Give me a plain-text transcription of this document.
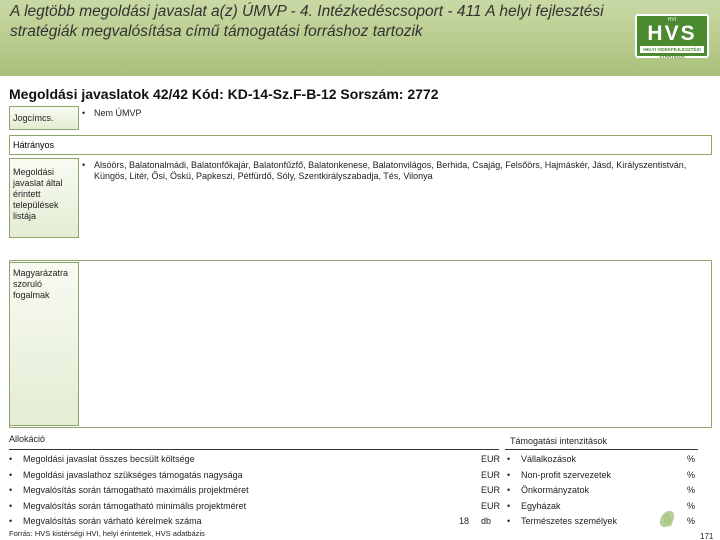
A legtöbb megoldási javaslat a(z) ÚMVP - 4. Intézkedéscsoport - 411 A helyi fejlesztési stratégiák megvalósítása című támogatási forráshoz tartozik
HVI
HVS
HELYI VIDÉKFEJLESZTÉSI STRATÉGIA
Megoldási javaslatok 42/42 Kód: KD-14-Sz.F-B-12 Sorszám: 2772
Jogcímcs.	• Nem ÚMVP
Hátrányos
Megoldási javaslat által érintett települések listája
• Alsóörs, Balatonalmádi, Balatonfőkajár, Balatonfűzfő, Balatonkenese, Balatonvilágos, Berhida, Csajág, Felsőörs, Hajmáskér, Jásd, Királyszentistván, Küngös, Litér, Ősi, Öskü, Papkeszi, Pétfürdő, Sóly, Szentkirályszabadja, Tés, Vilonya
Magyarázatra szoruló fogalmak
Allokáció	Támogatási intenzitások
• Megoldási javaslat összes becsült költsége	EUR
• Megoldási javaslathoz szükséges támogatás nagysága	EUR
• Megvalósítás során támogatható maximális projektméret	EUR
• Megvalósítás során támogatható minimális projektméret	EUR
• Megvalósítás során várható kérelmek száma	18 db
• Vállalkozások	%
• Non-profit szervezetek	%
• Önkormányzatok	%
• Egyházak	%
• Természetes személyek	%
Forrás: HVS kistérségi HVI, helyi érintettek, HVS adatbázis	171
